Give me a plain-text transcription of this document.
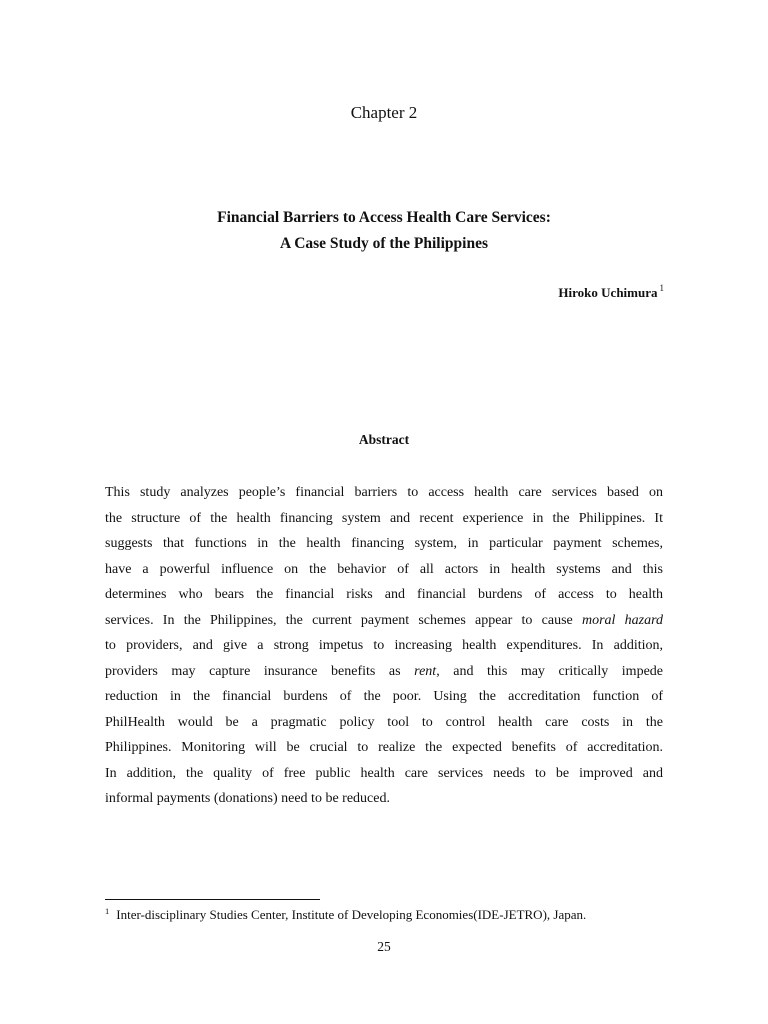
Chapter 2
Financial Barriers to Access Health Care Services:
A Case Study of the Philippines
Hiroko Uchimura $^1$
Abstract
This study analyzes people’s financial barriers to access health care services based on
the structure of the health financing system and recent experience in the Philippines. It
suggests that functions in the health financing system, in particular payment schemes,
have a powerful influence on the behavior of all actors in health systems and this
determines who bears the financial risks and financial burdens of access to health
services. In the Philippines, the current payment schemes appear to cause moral hazard
to providers, and give a strong impetus to increasing health expenditures. In addition,
providers may capture insurance benefits as rent, and this may critically impede
reduction in the financial burdens of the poor. Using the accreditation function of
PhilHealth would be a pragmatic policy tool to control health care costs in the
Philippines. Monitoring will be crucial to realize the expected benefits of accreditation.
In addition, the quality of free public health care services needs to be improved and
informal payments (donations) need to be reduced.
$^1$ Inter-disciplinary Studies Center, Institute of Developing Economies(IDE-JETRO), Japan.
25
